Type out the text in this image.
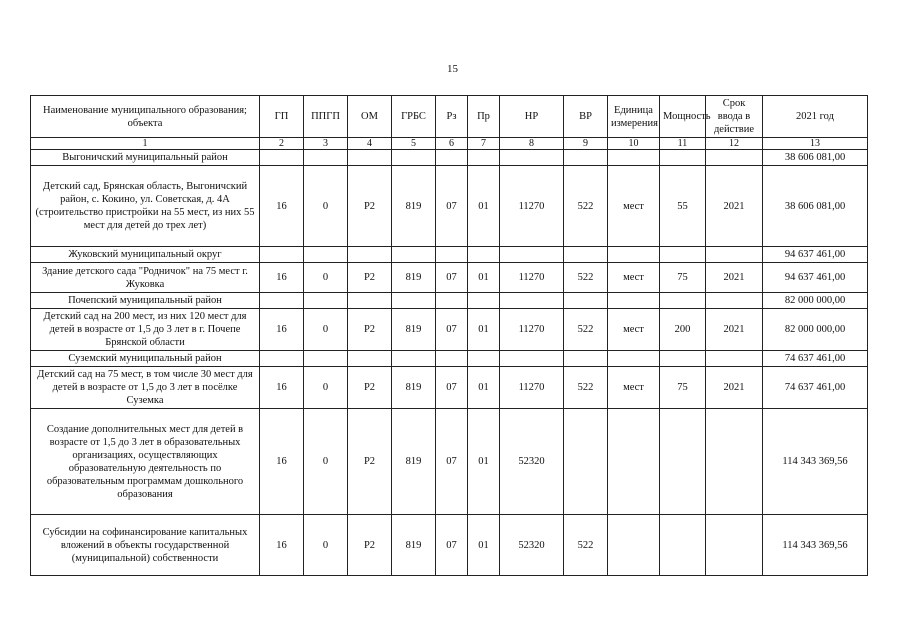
15
Наименование муниципального образования; объекта	ГП	ППГП	ОМ	ГРБС	Рз	Пр	НР	ВР	Единица измерения	Мощность	Срок ввода в действие	2021 год
1	2	3	4	5	6	7	8	9	10	11	12	13
Выгоничский муниципальный район												38 606 081,00
Детский сад, Брянская область, Выгоничский район, с. Кокино, ул. Советская, д. 4А (строительство пристройки на 55 мест, из них 55 мест для детей до трех лет)	16	0	Р2	819	07	01	11270	522	мест	55	2021	38 606 081,00
Жуковский муниципальный округ												94 637 461,00
Здание детского сада "Родничок" на 75 мест г. Жуковка	16	0	Р2	819	07	01	11270	522	мест	75	2021	94 637 461,00
Почепский муниципальный район												82 000 000,00
Детский сад на 200 мест, из них 120 мест для детей в возрасте от 1,5 до 3 лет в г. Почепе Брянской области	16	0	Р2	819	07	01	11270	522	мест	200	2021	82 000 000,00
Суземский муниципальный район												74 637 461,00
Детский сад на 75 мест, в том числе 30 мест для детей в возрасте от 1,5 до 3 лет в посёлке Суземка	16	0	Р2	819	07	01	11270	522	мест	75	2021	74 637 461,00
Создание дополнительных мест для детей в возрасте от 1,5 до 3 лет в образовательных организациях, осуществляющих образовательную деятельность по образовательным программам дошкольного образования	16	0	Р2	819	07	01	52320					114 343 369,56
Субсидии на софинансирование капитальных вложений в объекты государственной (муниципальной) собственности	16	0	Р2	819	07	01	52320	522				114 343 369,56
